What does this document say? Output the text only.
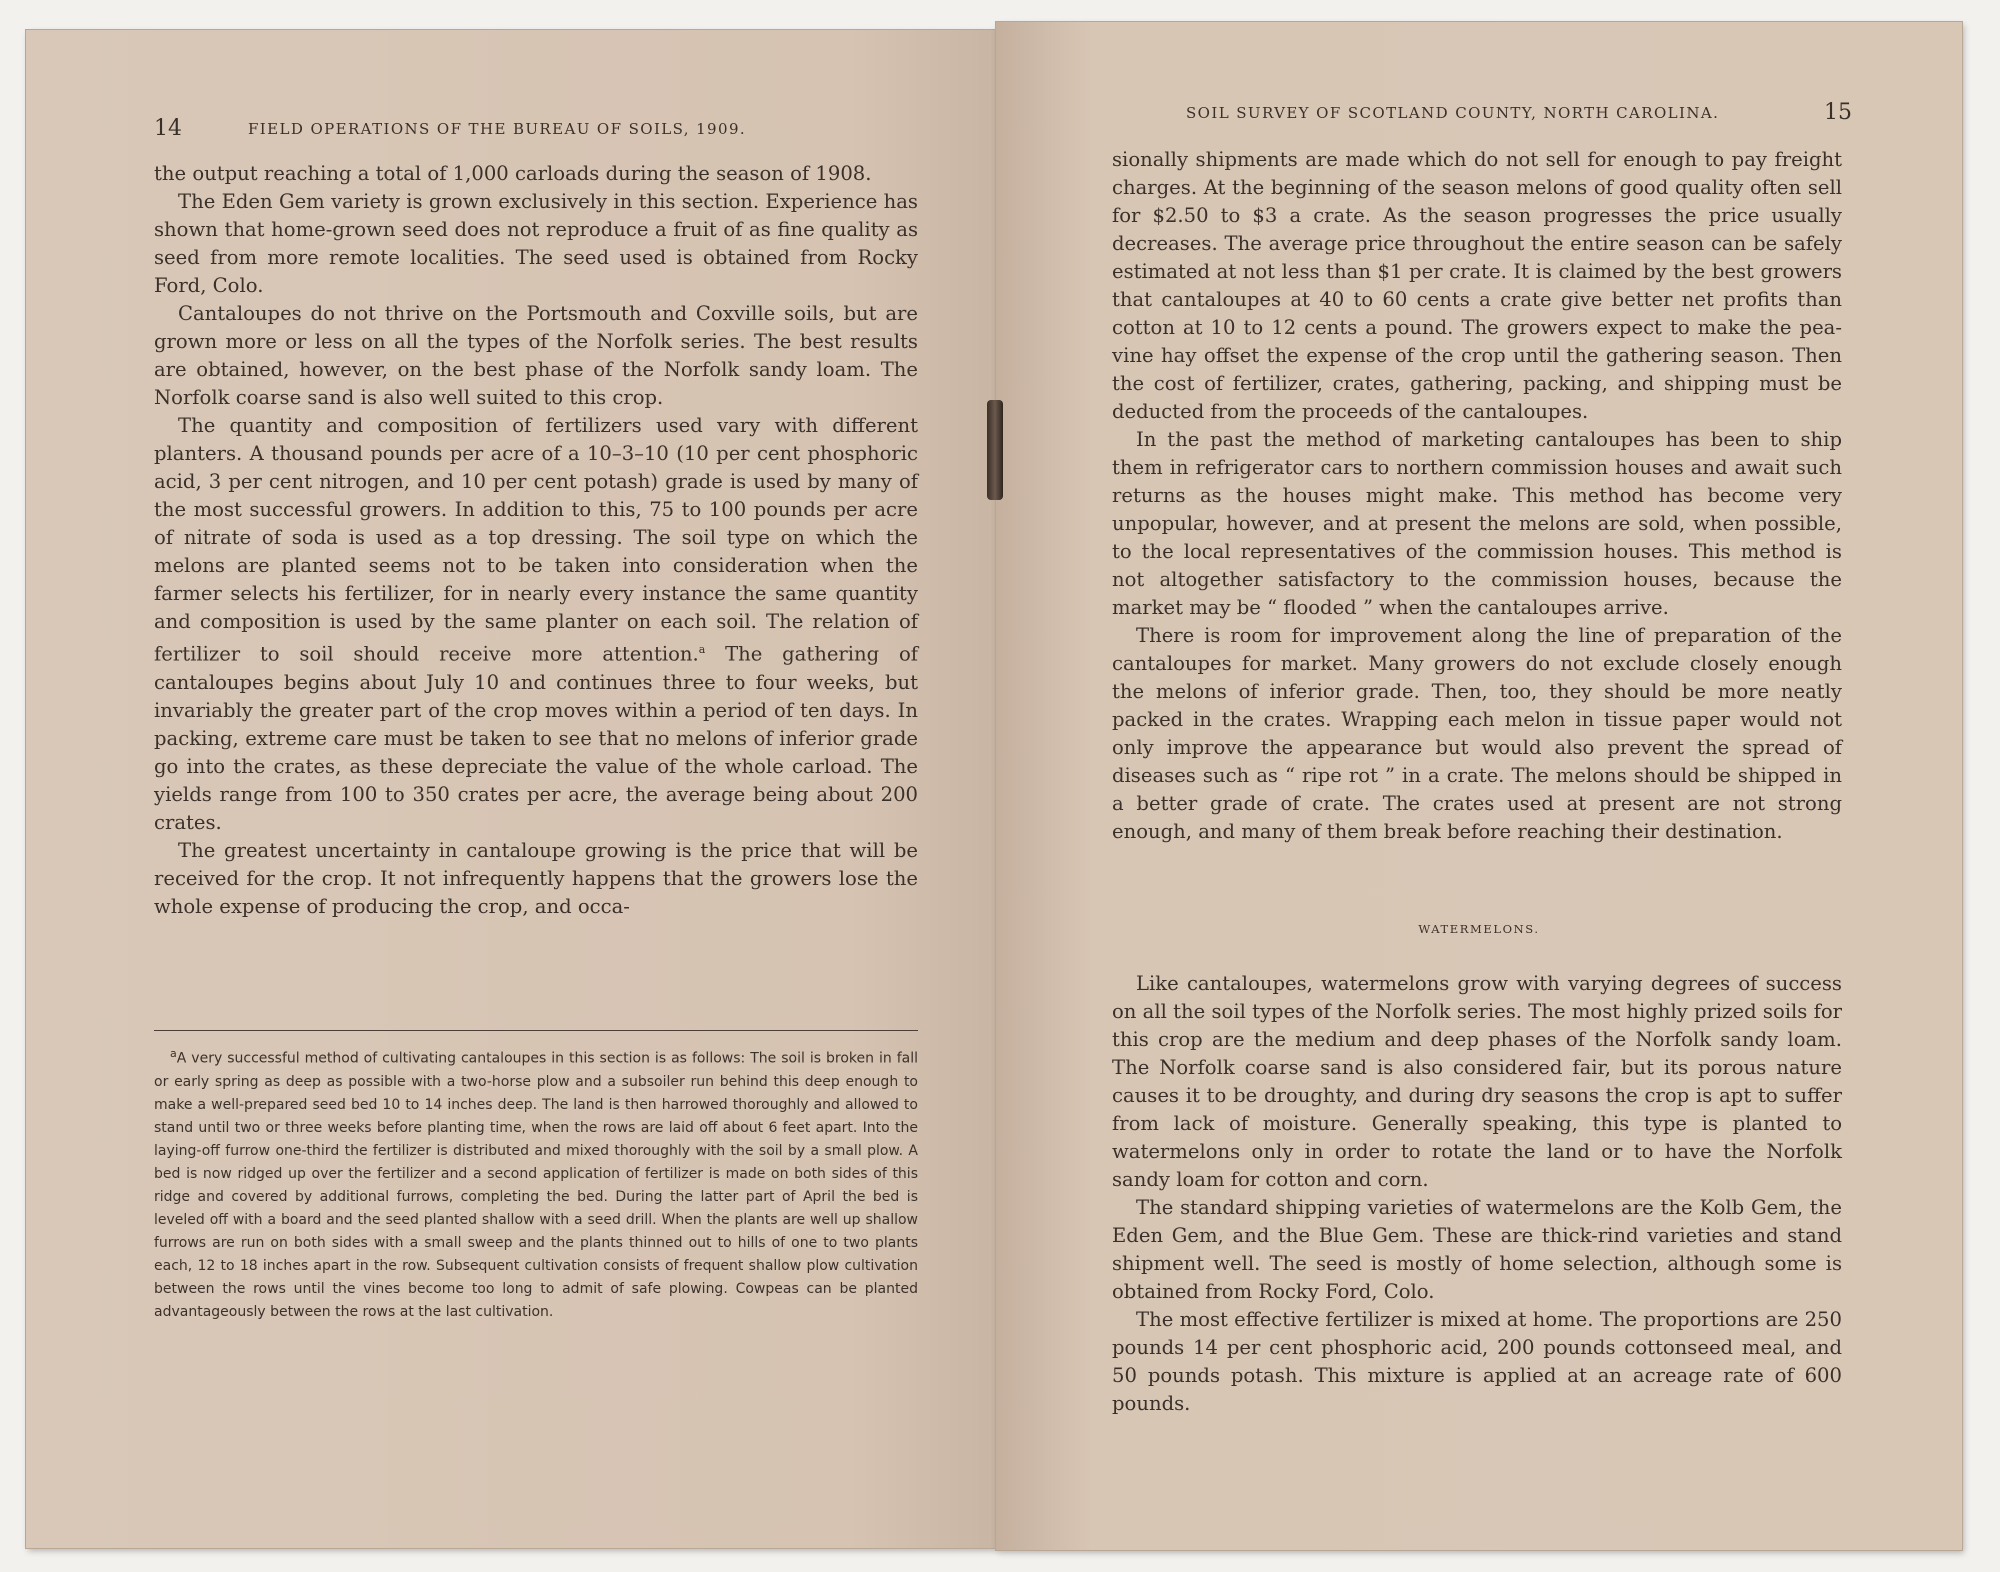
14	FIELD OPERATIONS OF THE BUREAU OF SOILS, 1909.

the output reaching a total of 1,000 carloads during the season of 1908.

The Eden Gem variety is grown exclusively in this section. Experience has shown that home-grown seed does not reproduce a fruit of as fine quality as seed from more remote localities. The seed used is obtained from Rocky Ford, Colo.

Cantaloupes do not thrive on the Portsmouth and Coxville soils, but are grown more or less on all the types of the Norfolk series. The best results are obtained, however, on the best phase of the Norfolk sandy loam. The Norfolk coarse sand is also well suited to this crop.

The quantity and composition of fertilizers used vary with different planters. A thousand pounds per acre of a 10–3–10 (10 per cent phosphoric acid, 3 per cent nitrogen, and 10 per cent potash) grade is used by many of the most successful growers. In addition to this, 75 to 100 pounds per acre of nitrate of soda is used as a top dressing. The soil type on which the melons are planted seems not to be taken into consideration when the farmer selects his fertilizer, for in nearly every instance the same quantity and composition is used by the same planter on each soil. The relation of fertilizer to soil should receive more attention.$^a$ The gathering of cantaloupes begins about July 10 and continues three to four weeks, but invariably the greater part of the crop moves within a period of ten days. In packing, extreme care must be taken to see that no melons of inferior grade go into the crates, as these depreciate the value of the whole carload. The yields range from 100 to 350 crates per acre, the average being about 200 crates.

The greatest uncertainty in cantaloupe growing is the price that will be received for the crop. It not infrequently happens that the growers lose the whole expense of producing the crop, and occa-

$^a$A very successful method of cultivating cantaloupes in this section is as follows: The soil is broken in fall or early spring as deep as possible with a two-horse plow and a subsoiler run behind this deep enough to make a well-prepared seed bed 10 to 14 inches deep. The land is then harrowed thoroughly and allowed to stand until two or three weeks before planting time, when the rows are laid off about 6 feet apart. Into the laying-off furrow one-third the fertilizer is distributed and mixed thoroughly with the soil by a small plow. A bed is now ridged up over the fertilizer and a second application of fertilizer is made on both sides of this ridge and covered by additional furrows, completing the bed. During the latter part of April the bed is leveled off with a board and the seed planted shallow with a seed drill. When the plants are well up shallow furrows are run on both sides with a small sweep and the plants thinned out to hills of one to two plants each, 12 to 18 inches apart in the row. Subsequent cultivation consists of frequent shallow plow cultivation between the rows until the vines become too long to admit of safe plowing. Cowpeas can be planted advantageously between the rows at the last cultivation.

SOIL SURVEY OF SCOTLAND COUNTY, NORTH CAROLINA.	15

sionally shipments are made which do not sell for enough to pay freight charges. At the beginning of the season melons of good quality often sell for $2.50 to $3 a crate. As the season progresses the price usually decreases. The average price throughout the entire season can be safely estimated at not less than $1 per crate. It is claimed by the best growers that cantaloupes at 40 to 60 cents a crate give better net profits than cotton at 10 to 12 cents a pound. The growers expect to make the pea-vine hay offset the expense of the crop until the gathering season. Then the cost of fertilizer, crates, gathering, packing, and shipping must be deducted from the proceeds of the cantaloupes.

In the past the method of marketing cantaloupes has been to ship them in refrigerator cars to northern commission houses and await such returns as the houses might make. This method has become very unpopular, however, and at present the melons are sold, when possible, to the local representatives of the commission houses. This method is not altogether satisfactory to the commission houses, because the market may be “ flooded ” when the cantaloupes arrive.

There is room for improvement along the line of preparation of the cantaloupes for market. Many growers do not exclude closely enough the melons of inferior grade. Then, too, they should be more neatly packed in the crates. Wrapping each melon in tissue paper would not only improve the appearance but would also prevent the spread of diseases such as “ ripe rot ” in a crate. The melons should be shipped in a better grade of crate. The crates used at present are not strong enough, and many of them break before reaching their destination.

WATERMELONS.

Like cantaloupes, watermelons grow with varying degrees of success on all the soil types of the Norfolk series. The most highly prized soils for this crop are the medium and deep phases of the Norfolk sandy loam. The Norfolk coarse sand is also considered fair, but its porous nature causes it to be droughty, and during dry seasons the crop is apt to suffer from lack of moisture. Generally speaking, this type is planted to watermelons only in order to rotate the land or to have the Norfolk sandy loam for cotton and corn.

The standard shipping varieties of watermelons are the Kolb Gem, the Eden Gem, and the Blue Gem. These are thick-rind varieties and stand shipment well. The seed is mostly of home selection, although some is obtained from Rocky Ford, Colo.

The most effective fertilizer is mixed at home. The proportions are 250 pounds 14 per cent phosphoric acid, 200 pounds cottonseed meal, and 50 pounds potash. This mixture is applied at an acreage rate of 600 pounds.
